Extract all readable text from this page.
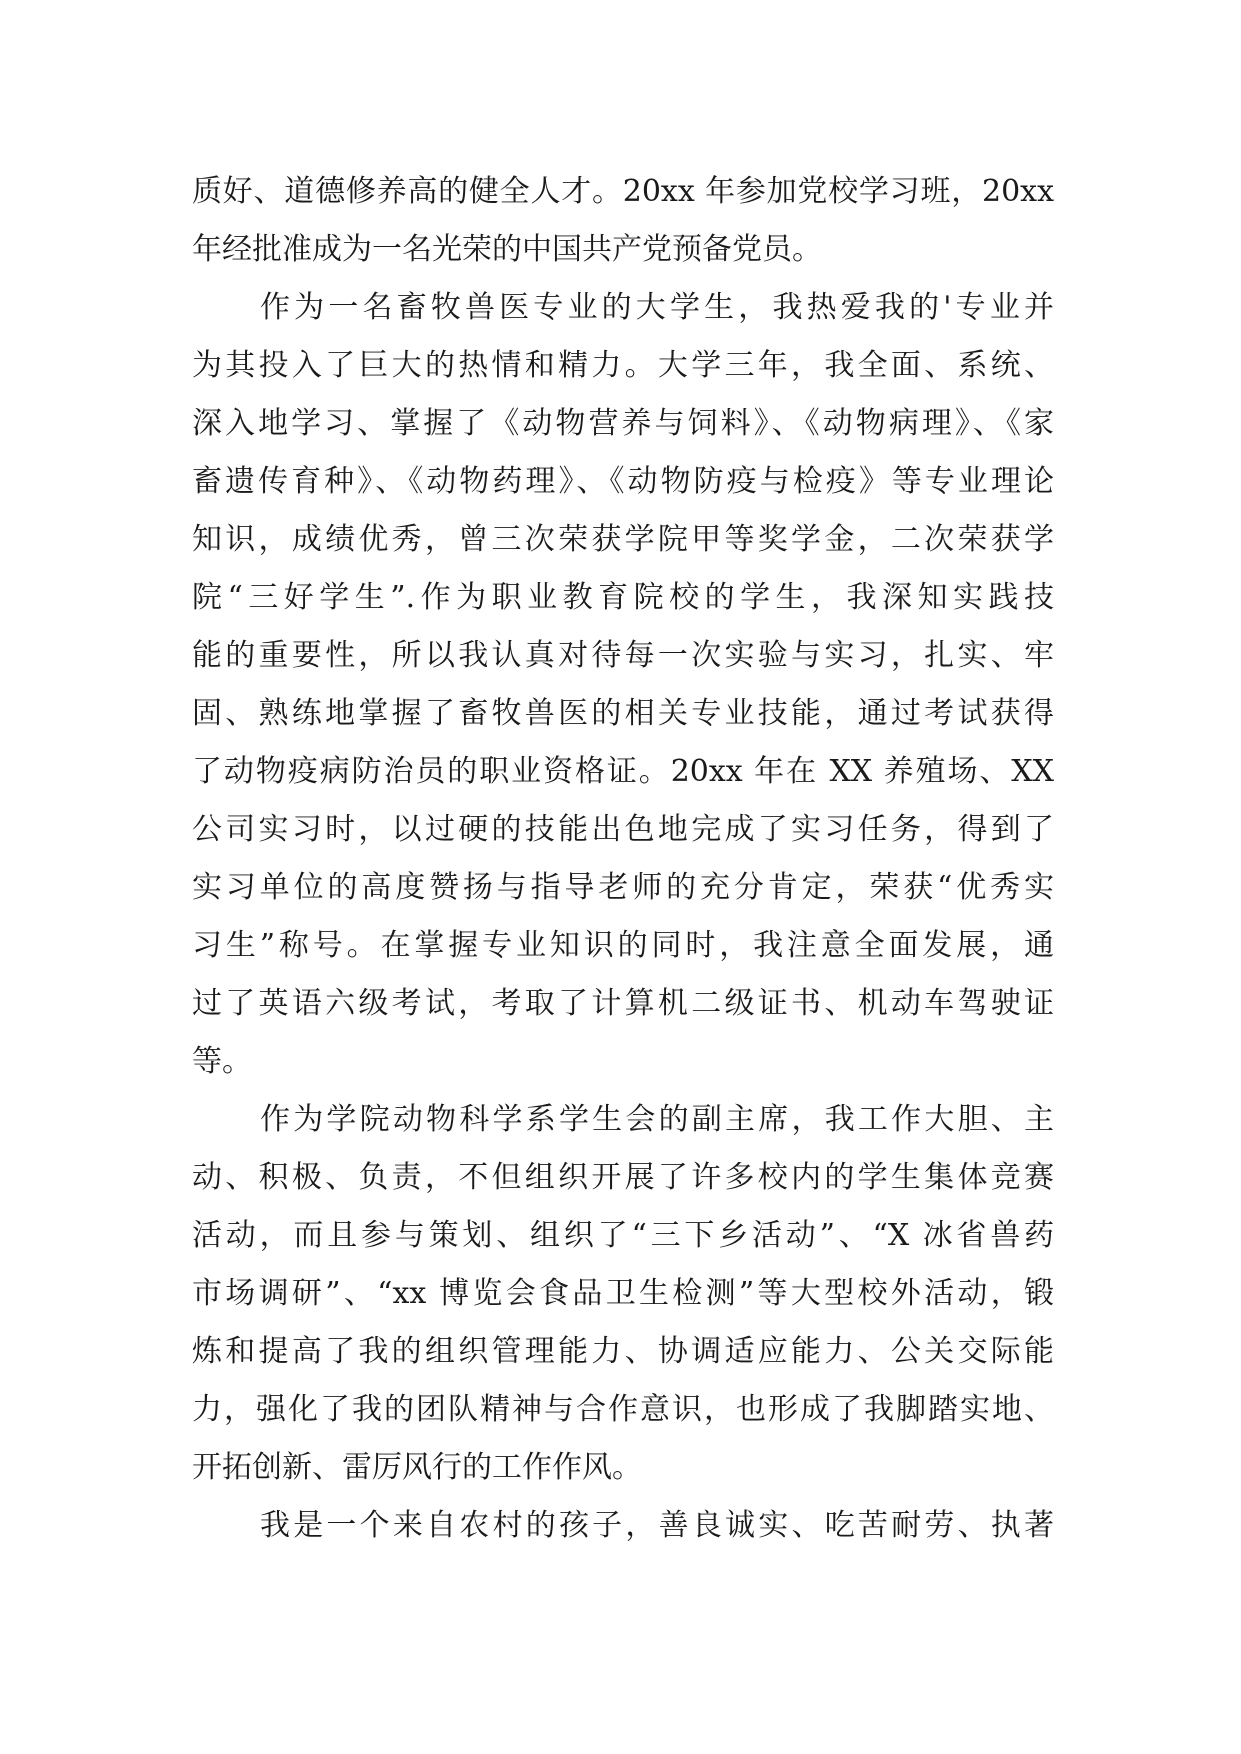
质好、道德修养高的健全人才。20xx 年参加党校学习班，20xx
年经批准成为一名光荣的中国共产党预备党员。
作为一名畜牧兽医专业的大学生，我热爱我的'专业并
为其投入了巨大的热情和精力。大学三年，我全面、系统、
深入地学习、掌握了《动物营养与饲料》、《动物病理》、《家
畜遗传育种》、《动物药理》、《动物防疫与检疫》等专业理论
知识，成绩优秀，曾三次荣获学院甲等奖学金，二次荣获学
院“三好学生”.作为职业教育院校的学生，我深知实践技
能的重要性，所以我认真对待每一次实验与实习，扎实、牢
固、熟练地掌握了畜牧兽医的相关专业技能，通过考试获得
了动物疫病防治员的职业资格证。20xx 年在 XX 养殖场、XX
公司实习时，以过硬的技能出色地完成了实习任务，得到了
实习单位的高度赞扬与指导老师的充分肯定，荣获“优秀实
习生”称号。在掌握专业知识的同时，我注意全面发展，通
过了英语六级考试，考取了计算机二级证书、机动车驾驶证
等。
作为学院动物科学系学生会的副主席，我工作大胆、主
动、积极、负责，不但组织开展了许多校内的学生集体竞赛
活动，而且参与策划、组织了“三下乡活动”、“X 冰省兽药
市场调研”、“xx 博览会食品卫生检测”等大型校外活动，锻
炼和提高了我的组织管理能力、协调适应能力、公关交际能
力，强化了我的团队精神与合作意识，也形成了我脚踏实地、
开拓创新、雷厉风行的工作作风。
我是一个来自农村的孩子，善良诚实、吃苦耐劳、执著
